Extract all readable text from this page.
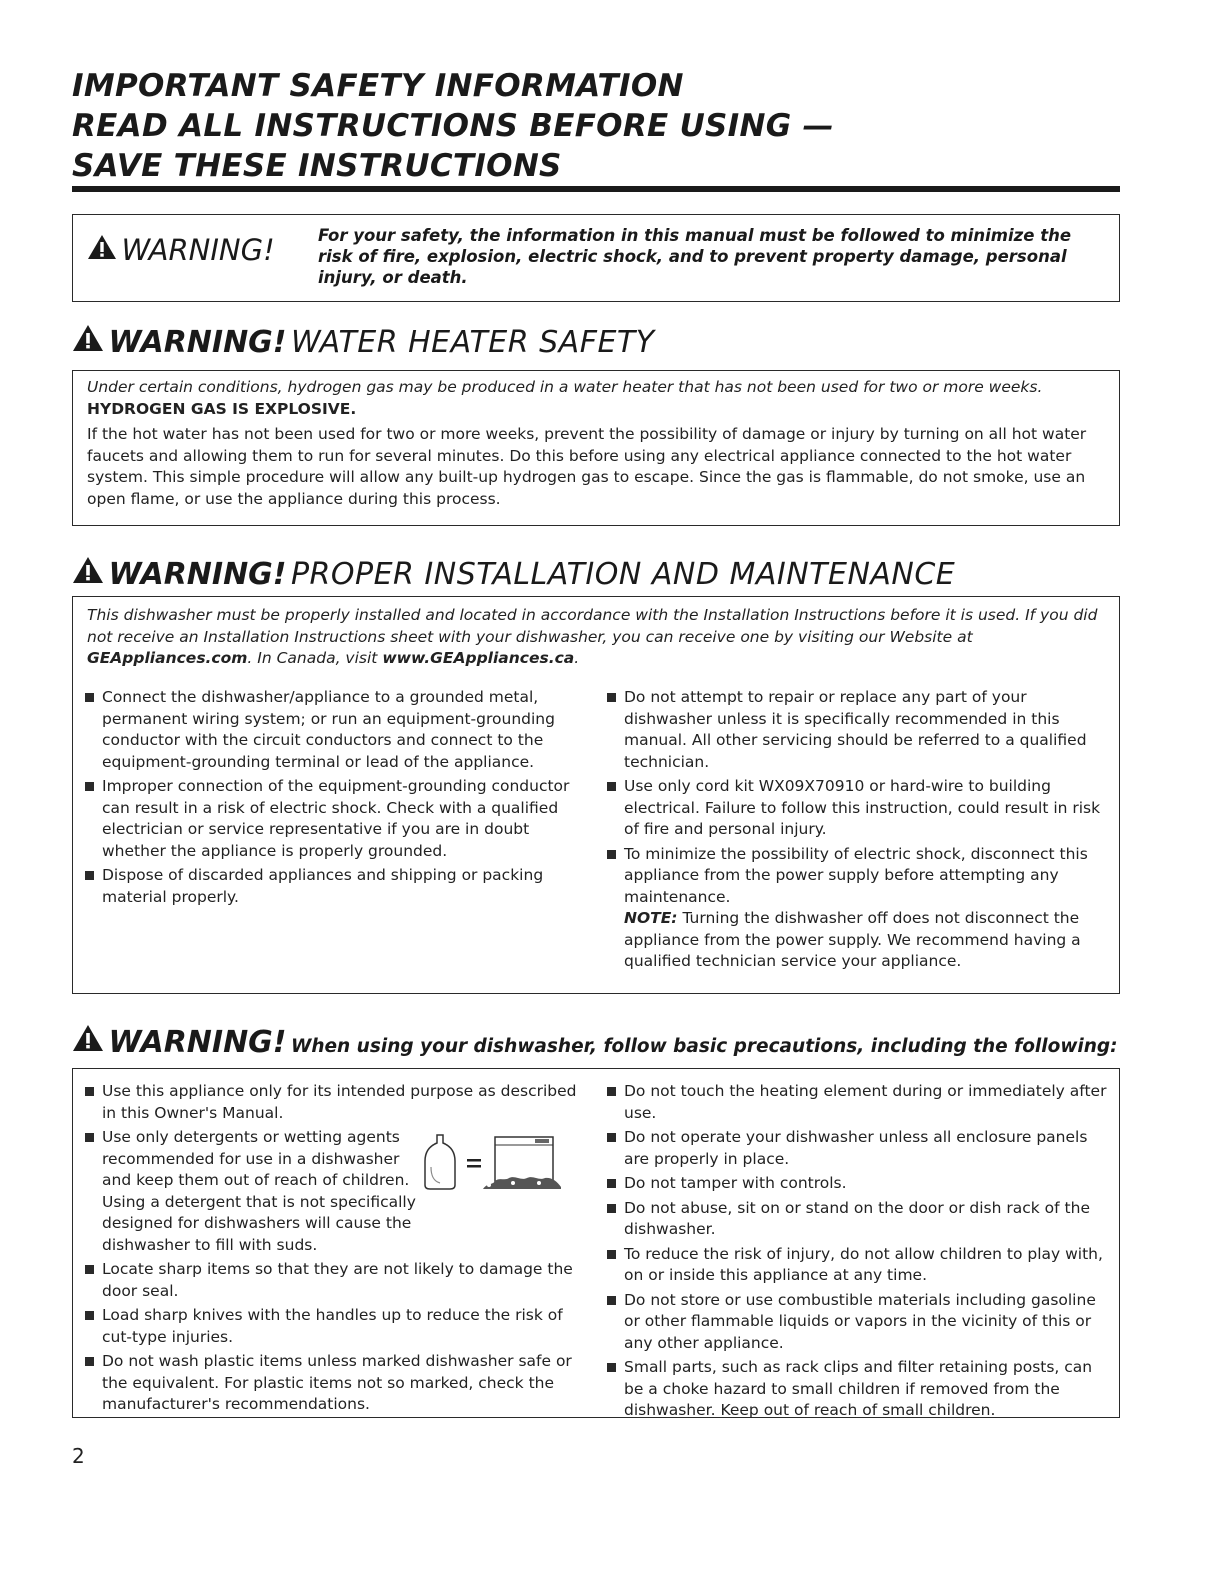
IMPORTANT SAFETY INFORMATION
READ ALL INSTRUCTIONS BEFORE USING —
SAVE THESE INSTRUCTIONS
WARNING!	For your safety, the information in this manual must be followed to minimize the risk of fire, explosion, electric shock, and to prevent property damage, personal injury, or death.
WARNING! WATER HEATER SAFETY
Under certain conditions, hydrogen gas may be produced in a water heater that has not been used for two or more weeks.
HYDROGEN GAS IS EXPLOSIVE.
If the hot water has not been used for two or more weeks, prevent the possibility of damage or injury by turning on all hot water faucets and allowing them to run for several minutes. Do this before using any electrical appliance connected to the hot water system. This simple procedure will allow any built-up hydrogen gas to escape. Since the gas is flammable, do not smoke, use an open flame, or use the appliance during this process.
WARNING! PROPER INSTALLATION AND MAINTENANCE
This dishwasher must be properly installed and located in accordance with the Installation Instructions before it is used. If you did not receive an Installation Instructions sheet with your dishwasher, you can receive one by visiting our Website at GEAppliances.com. In Canada, visit www.GEAppliances.ca.
Connect the dishwasher/appliance to a grounded metal, permanent wiring system; or run an equipment-grounding conductor with the circuit conductors and connect to the equipment-grounding terminal or lead of the appliance.
Improper connection of the equipment-grounding conductor can result in a risk of electric shock. Check with a qualified electrician or service representative if you are in doubt whether the appliance is properly grounded.
Dispose of discarded appliances and shipping or packing material properly.
Do not attempt to repair or replace any part of your dishwasher unless it is specifically recommended in this manual. All other servicing should be referred to a qualified technician.
Use only cord kit WX09X70910 or hard-wire to building electrical. Failure to follow this instruction, could result in risk of fire and personal injury.
To minimize the possibility of electric shock, disconnect this appliance from the power supply before attempting any maintenance.
NOTE: Turning the dishwasher off does not disconnect the appliance from the power supply. We recommend having a qualified technician service your appliance.
WARNING! When using your dishwasher, follow basic precautions, including the following:
Use this appliance only for its intended purpose as described in this Owner's Manual.
Use only detergents or wetting agents recommended for use in a dishwasher and keep them out of reach of children. Using a detergent that is not specifically designed for dishwashers will cause the dishwasher to fill with suds.
Locate sharp items so that they are not likely to damage the door seal.
Load sharp knives with the handles up to reduce the risk of cut-type injuries.
Do not wash plastic items unless marked dishwasher safe or the equivalent. For plastic items not so marked, check the manufacturer's recommendations.
Do not touch the heating element during or immediately after use.
Do not operate your dishwasher unless all enclosure panels are properly in place.
Do not tamper with controls.
Do not abuse, sit on or stand on the door or dish rack of the dishwasher.
To reduce the risk of injury, do not allow children to play with, on or inside this appliance at any time.
Do not store or use combustible materials including gasoline or other flammable liquids or vapors in the vicinity of this or any other appliance.
Small parts, such as rack clips and filter retaining posts, can be a choke hazard to small children if removed from the dishwasher. Keep out of reach of small children.
2
